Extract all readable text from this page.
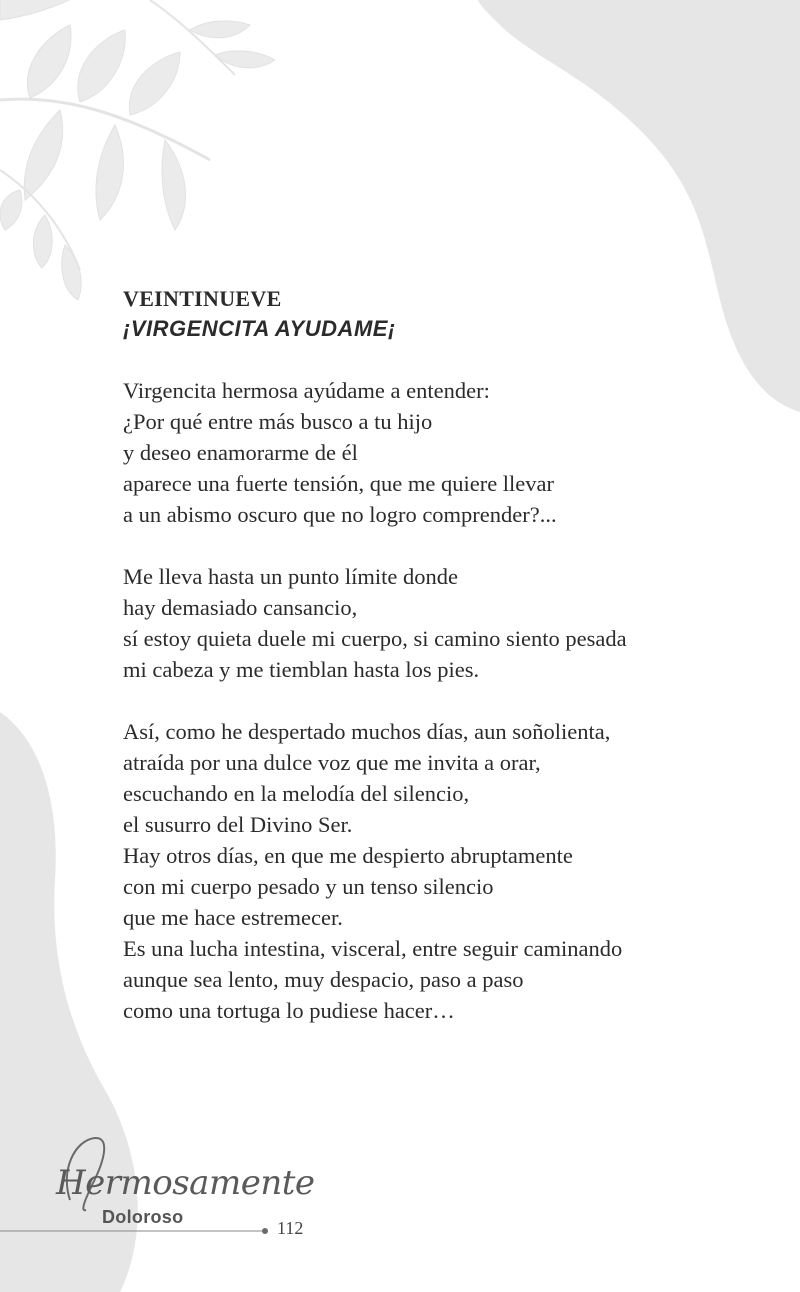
VEINTINUEVE
¡VIRGENCITA AYUDAME¡
Virgencita hermosa ayúdame a entender:
¿Por qué entre más busco a tu hijo
y deseo enamorarme de él
aparece una fuerte tensión, que me quiere llevar
a un abismo oscuro que no logro comprender?...
Me lleva hasta un punto límite donde
hay demasiado cansancio,
sí estoy quieta duele mi cuerpo, si camino siento pesada
mi cabeza y me tiemblan hasta los pies.
Así, como he despertado muchos días, aun soñolienta,
atraída por una dulce voz que me invita a orar,
escuchando en la melodía del silencio,
el susurro del Divino Ser.
Hay otros días, en que me despierto abruptamente
con mi cuerpo pesado y un tenso silencio
que me hace estremecer.
Es una lucha intestina, visceral, entre seguir caminando
aunque sea lento, muy despacio, paso a paso
como una tortuga lo pudiese hacer…
Hermosamente
Doloroso
112
